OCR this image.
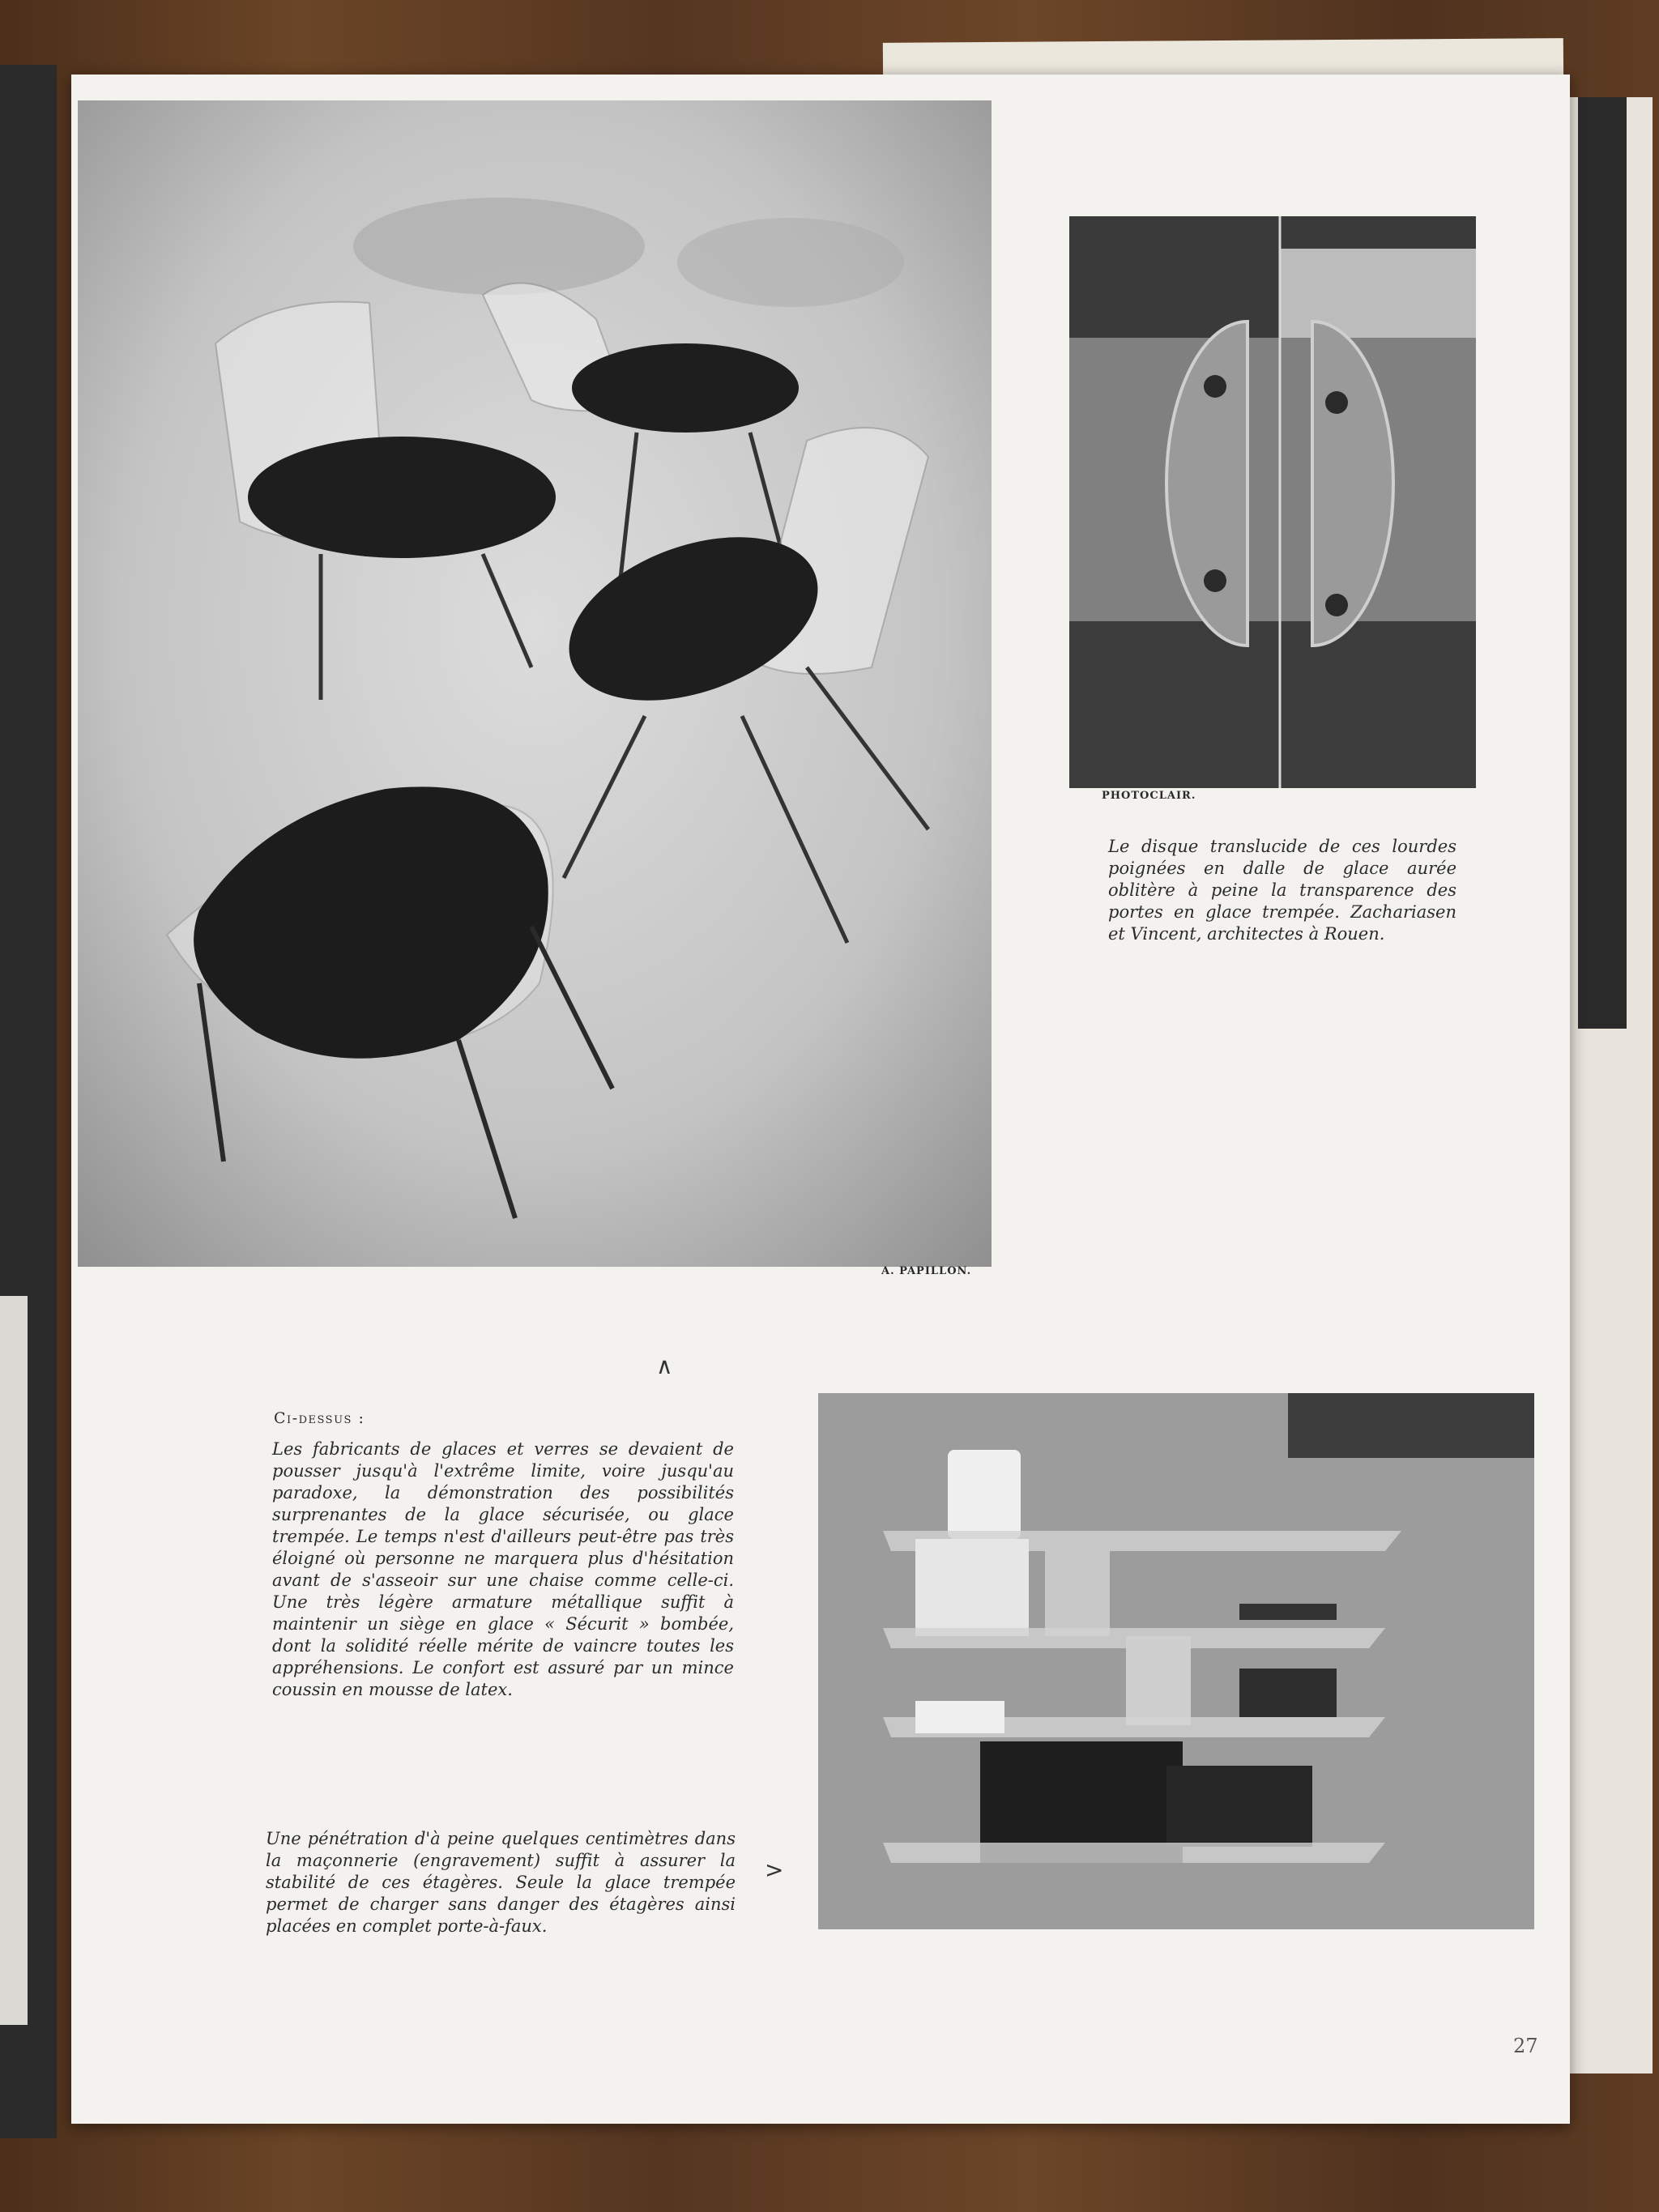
A. PAPILLON.
PHOTOCLAIR.

Le disque translucide de ces lourdes poignées en dalle de glace aurée oblitère à peine la transparence des portes en glace trempée. Zachariasen et Vincent, architectes à Rouen.

∧
Ci-dessus :

Les fabricants de glaces et verres se devaient de pousser jusqu'à l'extrême limite, voire jusqu'au paradoxe, la démonstration des possibilités surprenantes de la glace sécurisée, ou glace trempée. Le temps n'est d'ailleurs peut-être pas très éloigné où personne ne marquera plus d'hésitation avant de s'asseoir sur une chaise comme celle-ci. Une très légère armature métallique suffit à maintenir un siège en glace « Sécurit » bombée, dont la solidité réelle mérite de vaincre toutes les appréhensions. Le confort est assuré par un mince coussin en mousse de latex.

Une pénétration d'à peine quelques centimètres dans la maçonnerie (engravement) suffit à assurer la stabilité de ces étagères. Seule la glace trempée permet de charger sans danger des étagères ainsi placées en complet porte-à-faux.

>
27
